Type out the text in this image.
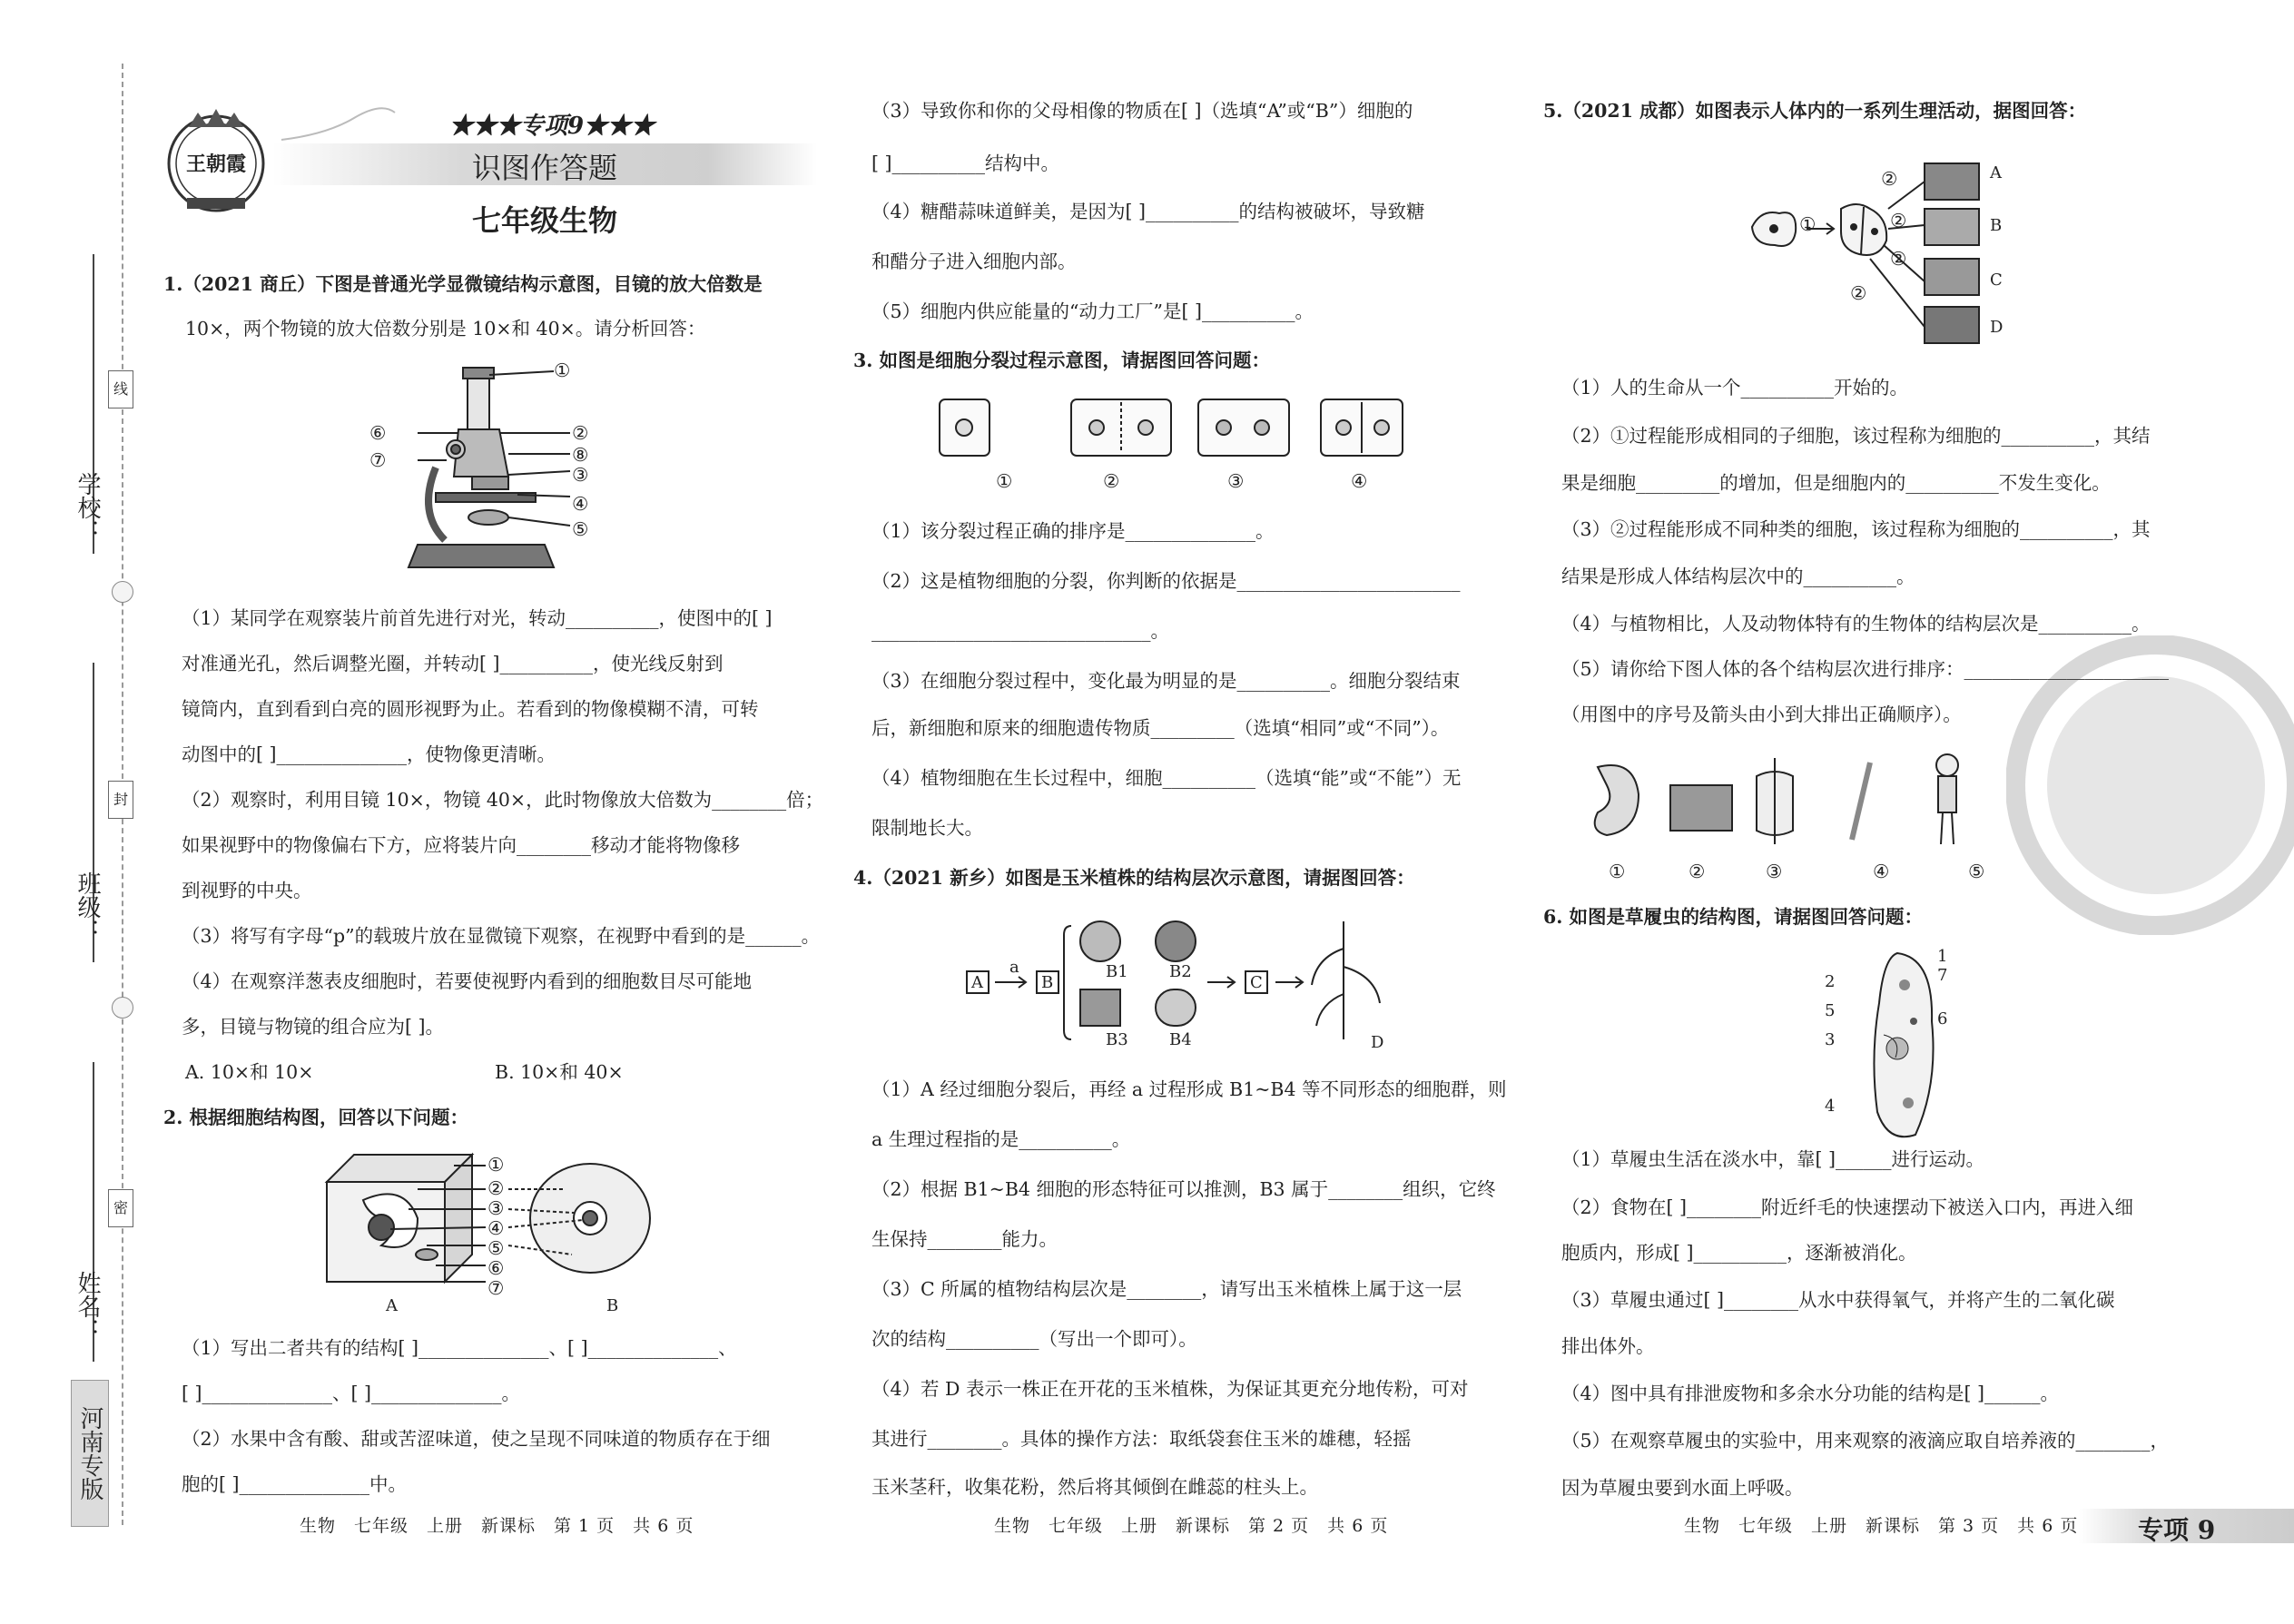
学校：
班级：
姓名：
线
封
密
河南专版
王朝霞
★★★专项9★★★
识图作答题
七年级生物
1.（2021 商丘）下图是普通光学显微镜结构示意图，目镜的放大倍数是
10×，两个物镜的放大倍数分别是 10×和 40×。请分析回答：
①
⑥	②
⑦	⑧
③
④
⑤
（1）某同学在观察装片前首先进行对光，转动__________，使图中的[ ]
对准通光孔，然后调整光圈，并转动[ ]__________，使光线反射到
镜筒内，直到看到白亮的圆形视野为止。若看到的物像模糊不清，可转
动图中的[ ]______________，使物像更清晰。
（2）观察时，利用目镜 10×，物镜 40×，此时物像放大倍数为________倍；
如果视野中的物像偏右下方，应将装片向________移动才能将物像移
到视野的中央。
（3）将写有字母“p”的载玻片放在显微镜下观察，在视野中看到的是______。
（4）在观察洋葱表皮细胞时，若要使视野内看到的细胞数目尽可能地
多，目镜与物镜的组合应为[ ]。
A. 10×和 10×	B. 10×和 40×
2. 根据细胞结构图，回答以下问题：
①
②
③
④
⑤
⑥
⑦
A	B
（1）写出二者共有的结构[ ]______________、[ ]______________、
[ ]______________、[ ]______________。
（2）水果中含有酸、甜或苦涩味道，使之呈现不同味道的物质存在于细
胞的[ ]______________中。
生物　七年级　上册　新课标　第 1 页　共 6 页
（3）导致你和你的父母相像的物质在[ ]（选填“A”或“B”）细胞的
[ ]__________结构中。
（4）糖醋蒜味道鲜美，是因为[ ]__________的结构被破坏，导致糖
和醋分子进入细胞内部。
（5）细胞内供应能量的“动力工厂”是[ ]__________。
3. 如图是细胞分裂过程示意图，请据图回答问题：
①	②	③	④
（1）该分裂过程正确的排序是______________。
（2）这是植物细胞的分裂，你判断的依据是________________________
______________________________。
（3）在细胞分裂过程中，变化最为明显的是__________。细胞分裂结束
后，新细胞和原来的细胞遗传物质_________（选填“相同”或“不同”）。
（4）植物细胞在生长过程中，细胞__________（选填“能”或“不能”）无
限制地长大。
4.（2021 新乡）如图是玉米植株的结构层次示意图，请据图回答：
A
a
B	C
B1	B2
B3	B4	D
（1）A 经过细胞分裂后，再经 a 过程形成 B1~B4 等不同形态的细胞群，则
a 生理过程指的是__________。
（2）根据 B1~B4 细胞的形态特征可以推测，B3 属于________组织，它终
生保持________能力。
（3）C 所属的植物结构层次是________，请写出玉米植株上属于这一层
次的结构__________（写出一个即可）。
（4）若 D 表示一株正在开花的玉米植株，为保证其更充分地传粉，可对
其进行________。具体的操作方法：取纸袋套住玉米的雄穗，轻摇
玉米茎秆，收集花粉，然后将其倾倒在雌蕊的柱头上。
生物　七年级　上册　新课标　第 2 页　共 6 页
5.（2021 成都）如图表示人体内的一系列生理活动，据图回答：
①
②
②
②
②
A
B
C
D
（1）人的生命从一个__________开始的。
（2）①过程能形成相同的子细胞，该过程称为细胞的__________，其结
果是细胞_________的增加，但是细胞内的__________不发生变化。
（3）②过程能形成不同种类的细胞，该过程称为细胞的__________，其
结果是形成人体结构层次中的__________。
（4）与植物相比，人及动物体特有的生物体的结构层次是__________。
（5）请你给下图人体的各个结构层次进行排序：______________________
（用图中的序号及箭头由小到大排出正确顺序）。
①	②	③	④	⑤
6. 如图是草履虫的结构图，请据图回答问题：
1
2	7
5	6
3
4
（1）草履虫生活在淡水中，靠[ ]______进行运动。
（2）食物在[ ]________附近纤毛的快速摆动下被送入口内，再进入细
胞质内，形成[ ]__________，逐渐被消化。
（3）草履虫通过[ ]________从水中获得氧气，并将产生的二氧化碳
排出体外。
（4）图中具有排泄废物和多余水分功能的结构是[ ]______。
（5）在观察草履虫的实验中，用来观察的液滴应取自培养液的________，
因为草履虫要到水面上呼吸。
生物　七年级　上册　新课标　第 3 页　共 6 页 专项 9
